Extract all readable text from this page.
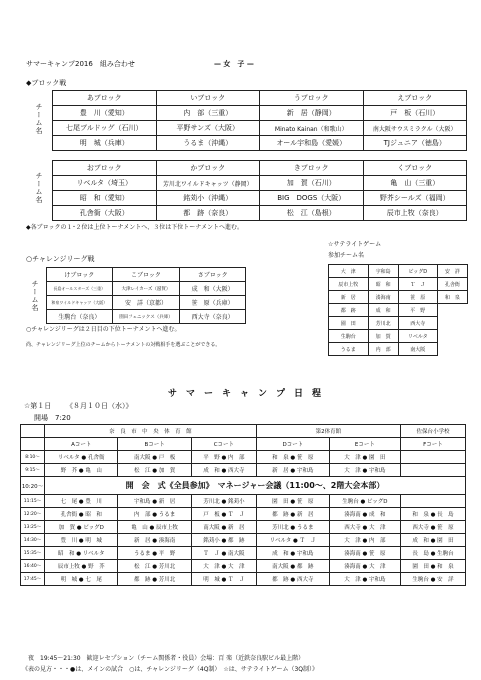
サマーキャンプ2016　組み合わせ	— 女　子 —
◆ブロック戦
チーム名
あブロック	いブロック	うブロック	えブロック
豊　川（愛知）	内　部（三重）	新　居（静岡）	戸　板（石川）
七尾ブルドッグ（石川）	平野サンズ（大阪）	Minato Kainan（和歌山）	南大阪サウスミラクル（大阪）
明　城（兵庫）	うるま（沖縄）	オール宇和島（愛媛）	TJジュニア（徳島）
チーム名
おブロック	かブロック	きブロック	くブロック
リベルタ（埼玉）	芳川北ワイルドキャッツ（静岡）	加　賀（石川）	亀　山（三重）
昭　和（愛知）	銘苅小（沖縄）	BIG　DOGS（大阪）	野芥シールズ（福岡）
孔舎衙（大阪）	都　跡（奈良）	松　江（島根）	辰市上牧（奈良）
◆各ブロックの１･２位は上位トーナメントへ、３位は下位トーナメントへ進む。
☆サテライトゲーム
参加チーム名
大　津	宇和島	ビッグD	安　詳
辰市上牧	昭　和	Ｔ　Ｊ	孔舎衙
新　居	湊海南	笹　原	和　泉
都　跡	成　和	平　野	
園　田	芳川北	西大寺	
生駒台	加　賀	リベルタ	
うるま	内　部	南大阪	
○チャレンジリーグ戦
チーム名
けブロック	こブロック	さブロック
長島オールスターズ（三重）	大津レイカーズ（滋賀）	成　和（大阪）
和泉ワイルドキャッツ（大阪）	安　詳（京都）	笹　原（兵庫）
生駒台（奈良）	園田フェニックス（兵庫）	西大寺（奈良）
○チャレンジリーグは２日目の下位トーナメントへ進む。
尚、チャレンジリーグ上位のチームからトーナメントの対戦相手を選ぶことができる。
サ　マ　ー　キ　ャ　ン　プ　日　程
☆第１日 《８月１０日（水）》
開場　7:20
	奈　良　市　中　央　体　育　館			第2体育館		佐保台小学校
	Aコート	Bコート	Cコート	Dコート	Eコート	Fコート
8:10〜	リベルタ ● 孔舎衙	南大阪 ● 戸　板	平　野 ● 内　部	和　泉 ● 笹　原	大　津 ● 園　田	
9:15〜	野　芥 ● 亀　山	松　江 ● 加　賀	成　和 ● 西大寺	新　居 ● 宇和島	大　津 ● 宇和島	
10:20〜	開　会　式《全員参加》　マネージャー会議（11:00〜、2階大会本部）					
11:15〜	七　尾 ● 豊　川	宇和島 ● 新　居	芳川北 ● 銘苅小	園　田 ● 笹　原	生駒台 ● ビッグD	
12:20〜	孔舎衙 ● 昭　和	内　部 ● うるま	戸　板 ● Ｔ　Ｊ	都　跡 ● 新　居	湊海南 ● 成　和	和　泉 ● 長　島
13:25〜	加　賀 ● ビッグD	亀　山 ● 辰市上牧	南大阪 ● 新　居	芳川北 ● うるま	西大寺 ● 大　津	西大寺 ● 笹　原
14:30〜	豊　川 ● 明　城	新　居 ● 湊海南	銘苅小 ● 都　跡	リベルタ ● Ｔ　Ｊ	大　津 ● 内　部	成　和 ● 園　田
15:35〜	昭　和 ● リベルタ	うるま ● 平　野	Ｔ　Ｊ ● 南大阪	成　和 ● 宇和島	湊海南 ● 笹　原	長　島 ● 生駒台
16:40〜	辰市上牧 ● 野　芥	松　江 ● 芳川北	大　津 ● 大　津	南大阪 ● 都　跡	湊海南 ● 大　津	園　田 ● 和　泉
17:45〜	明　城 ● 七　尾	都　跡 ● 芳川北	明　城 ● Ｔ　Ｊ	都　跡 ● 西大寺	大　津 ● 宇和島	生駒台 ● 安　詳
夜　19:45〜21:30　歓迎レセプション（チーム関係者・役員）会場：百 楽（近鉄奈良駅ビル最上階）
《表の見方・・・●は、メインの試合　○は、チャレンジリーグ（4Q制）　☆は、サテライトゲーム（3Q制）》
